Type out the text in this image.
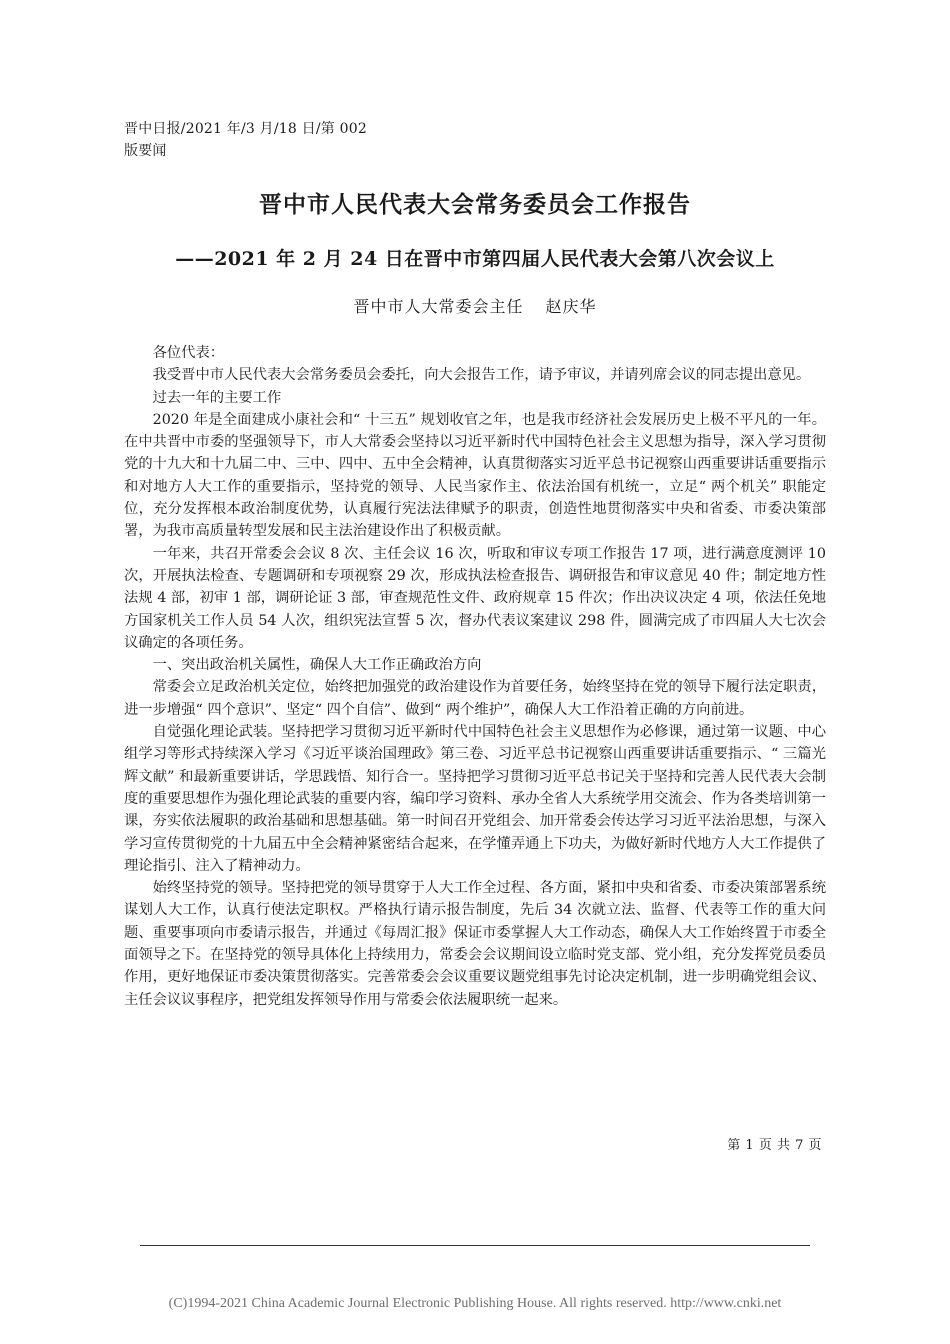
晋中日报/2021 年/3 月/18 日/第 002
版要闻
晋中市人民代表大会常务委员会工作报告
——2021 年 2 月 24 日在晋中市第四届人民代表大会第八次会议上
晋中市人大常委会主任 赵庆华

各位代表：

我受晋中市人民代表大会常务委员会委托，向大会报告工作，请予审议，并请列席会议的同志提出意见。

过去一年的主要工作

2020 年是全面建成小康社会和“ 十三五” 规划收官之年，也是我市经济社会发展历史上极不平凡的一年。在中共晋中市委的坚强领导下，市人大常委会坚持以习近平新时代中国特色社会主义思想为指导，深入学习贯彻党的十九大和十九届二中、三中、四中、五中全会精神，认真贯彻落实习近平总书记视察山西重要讲话重要指示和对地方人大工作的重要指示，坚持党的领导、人民当家作主、依法治国有机统一，立足“ 两个机关” 职能定位，充分发挥根本政治制度优势，认真履行宪法法律赋予的职责，创造性地贯彻落实中央和省委、市委决策部署，为我市高质量转型发展和民主法治建设作出了积极贡献。

一年来，共召开常委会会议 8 次、主任会议 16 次，听取和审议专项工作报告 17 项，进行满意度测评 10 次，开展执法检查、专题调研和专项视察 29 次，形成执法检查报告、调研报告和审议意见 40 件；制定地方性法规 4 部，初审 1 部，调研论证 3 部，审查规范性文件、政府规章 15 件次；作出决议决定 4 项，依法任免地方国家机关工作人员 54 人次，组织宪法宣誓 5 次，督办代表议案建议 298 件，圆满完成了市四届人大七次会议确定的各项任务。

一、突出政治机关属性，确保人大工作正确政治方向

常委会立足政治机关定位，始终把加强党的政治建设作为首要任务，始终坚持在党的领导下履行法定职责，进一步增强“ 四个意识”、坚定“ 四个自信”、做到“ 两个维护”，确保人大工作沿着正确的方向前进。

自觉强化理论武装。坚持把学习贯彻习近平新时代中国特色社会主义思想作为必修课，通过第一议题、中心组学习等形式持续深入学习《习近平谈治国理政》第三卷、习近平总书记视察山西重要讲话重要指示、“ 三篇光辉文献” 和最新重要讲话，学思践悟、知行合一。坚持把学习贯彻习近平总书记关于坚持和完善人民代表大会制度的重要思想作为强化理论武装的重要内容，编印学习资料、承办全省人大系统学用交流会、作为各类培训第一课，夯实依法履职的政治基础和思想基础。第一时间召开党组会、加开常委会传达学习习近平法治思想，与深入学习宣传贯彻党的十九届五中全会精神紧密结合起来，在学懂弄通上下功夫，为做好新时代地方人大工作提供了理论指引、注入了精神动力。

始终坚持党的领导。坚持把党的领导贯穿于人大工作全过程、各方面，紧扣中央和省委、市委决策部署系统谋划人大工作，认真行使法定职权。严格执行请示报告制度，先后 34 次就立法、监督、代表等工作的重大问题、重要事项向市委请示报告，并通过《每周汇报》保证市委掌握人大工作动态，确保人大工作始终置于市委全面领导之下。在坚持党的领导具体化上持续用力，常委会会议期间设立临时党支部、党小组，充分发挥党员委员作用，更好地保证市委决策贯彻落实。完善常委会会议重要议题党组事先讨论决定机制，进一步明确党组会议、主任会议议事程序，把党组发挥领导作用与常委会依法履职统一起来。

第 1 页 共 7 页
(C)1994-2021 China Academic Journal Electronic Publishing House. All rights reserved. http://www.cnki.net
